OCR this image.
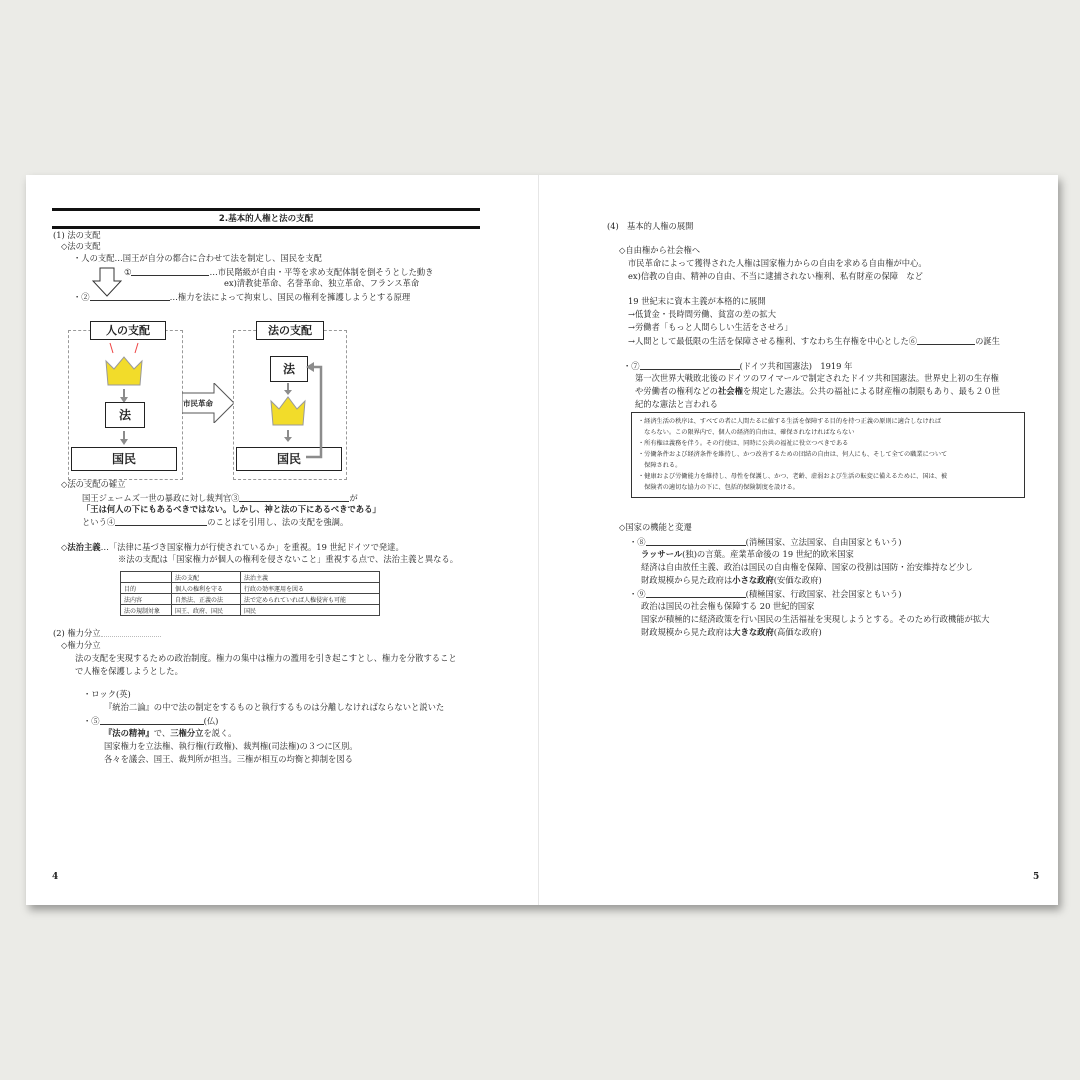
2.基本的人権と法の支配
(1) 法の支配
◇法の支配
・人の支配…国王が自分の都合に合わせて法を制定し、国民を支配
①	…市民階級が自由・平等を求め支配体制を倒そうとした動き
ex)清教徒革命、名誉革命、独立革命、フランス革命
・②	…権力を法によって拘束し、国民の権利を擁護しようとする原理
人の支配
法
国民
市民革命
法の支配
法
国民
◇法の支配の確立
国王ジェームズ一世の暴政に対し裁判官③	が
「王は何人の下にもあるべきではない。しかし、神と法の下にあるべきである」
という④	のことばを引用し、法の支配を強調。
◇法治主義…「法律に基づき国家権力が行使されているか」を重視。19 世紀ドイツで発達。
※法の支配は「国家権力が個人の権利を侵さないこと」重視する点で、法治主義と異なる。
	法の支配	法治主義
目的	個人の権利を守る	行政の効率運用を図る
法内容	自然法、正義の法	法で定められていれば人権侵害も可能
法の規制対象	国王、政府、国民	国民
(2) 権力分立
◇権力分立
法の支配を実現するための政治制度。権力の集中は権力の濫用を引き起こすとし、権力を分散すること
で人権を保護しようとした。
・ロック(英)
『統治二論』の中で法の制定をするものと執行するものは分離しなければならないと説いた
・⑤	(仏)
『法の精神』で、三権分立を説く。
国家権力を立法権、執行権(行政権)、裁判権(司法権)の３つに区別。
各々を議会、国王、裁判所が担当。三権が相互の均衡と抑制を図る
4
(4)　基本的人権の展開
◇自由権から社会権へ
市民革命によって獲得された人権は国家権力からの自由を求める自由権が中心。
ex)信教の自由、精神の自由、不当に逮捕されない権利、私有財産の保障　など
19 世紀末に資本主義が本格的に展開
→低賃金・長時間労働、貧富の差の拡大
→労働者「もっと人間らしい生活をさせろ」
→人間として最低限の生活を保障させる権利、すなわち生存権を中心とした⑥	の誕生
・⑦	(ドイツ共和国憲法)　1919 年
第一次世界大戦敗北後のドイツのワイマールで制定されたドイツ共和国憲法。世界史上初の生存権
や労働者の権利などの社会権を規定した憲法。公共の福祉による財産権の制限もあり、最も２０世
紀的な憲法と言われる
・経済生活の秩序は、すべての者に人間たるに値する生活を保障する目的を持つ正義の原則に適合しなければ
　ならない。この限界内で、個人の経済的自由は、確保されなければならない
・所有権は義務を伴う。その行使は、同時に公共の福祉に役立つべきである
・労働条件および経済条件を維持し、かつ改善するための団結の自由は、何人にも、そして全ての職業について
　保障される。
・健康および労働能力を維持し、母性を保護し、かつ、老齢、虚弱および生活の転変に備えるために、国は、被
　保険者の適切な協力の下に、包括的保険制度を設ける。
◇国家の機能と変遷
・⑧	(消極国家、立法国家、自由国家ともいう)
ラッサール(独)の言葉。産業革命後の 19 世紀的欧米国家
経済は自由放任主義、政治は国民の自由権を保障、国家の役割は国防・治安維持など少し
財政規模から見た政府は小さな政府(安価な政府)
・⑨	(積極国家、行政国家、社会国家ともいう)
政治は国民の社会権も保障する 20 世紀的国家
国家が積極的に経済政策を行い国民の生活福祉を実現しようとする。そのため行政機能が拡大
財政規模から見た政府は大きな政府(高価な政府)
5
